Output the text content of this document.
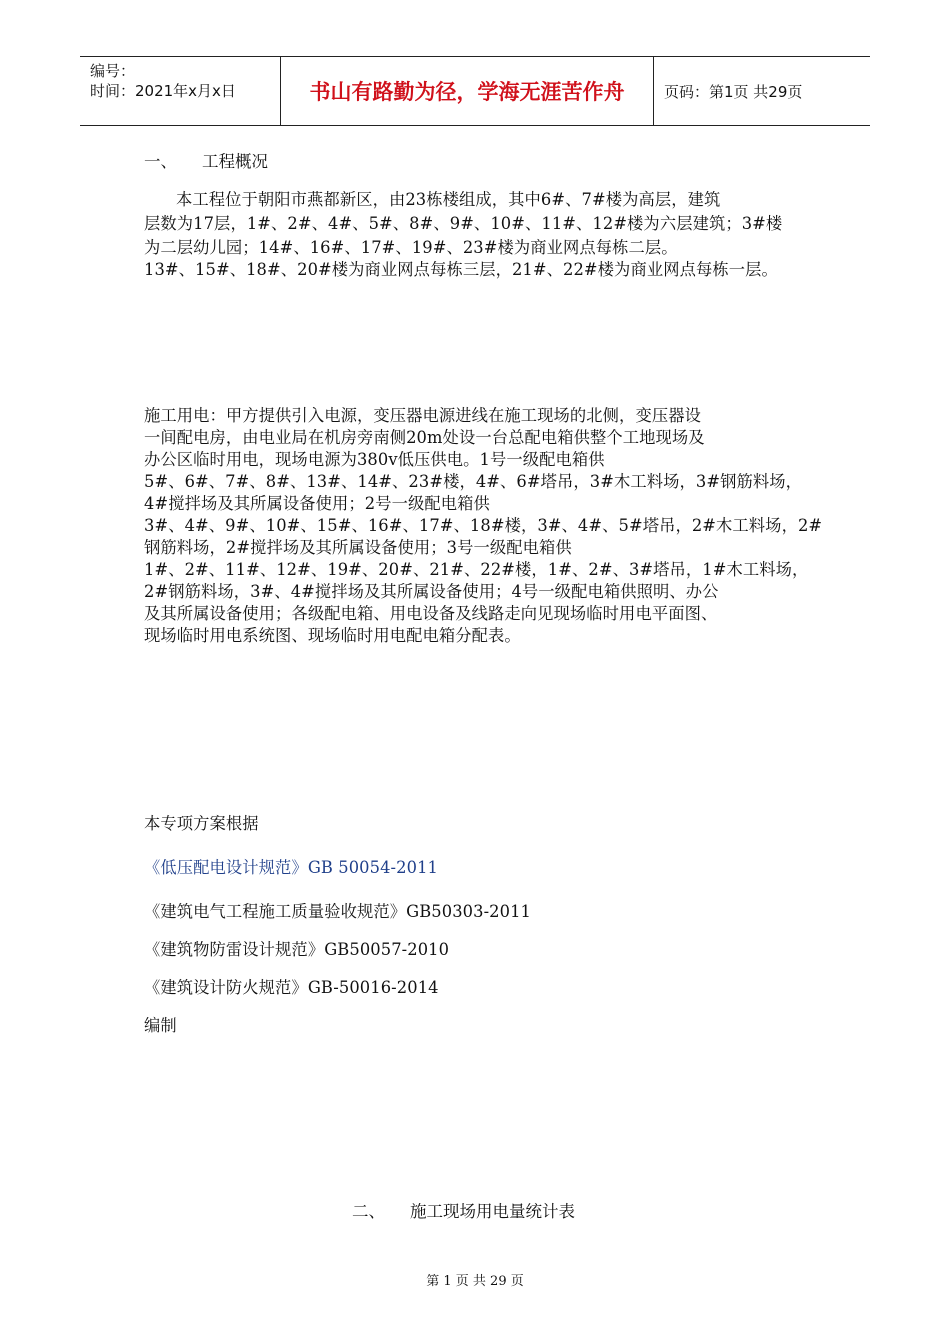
编号：
时间：2021年x月x日	书山有路勤为径，学海无涯苦作舟	页码：第1页 共29页
一、 工程概况
本工程位于朝阳市燕都新区，由23栋楼组成，其中6#、7#楼为高层，建筑
层数为17层，1#、2#、4#、5#、8#、9#、10#、11#、12#楼为六层建筑；3#楼
为二层幼儿园；14#、16#、17#、19#、23#楼为商业网点每栋二层。
13#、15#、18#、20#楼为商业网点每栋三层，21#、22#楼为商业网点每栋一层。
施工用电：甲方提供引入电源，变压器电源进线在施工现场的北侧，变压器设
一间配电房，由电业局在机房旁南侧20m处设一台总配电箱供整个工地现场及
办公区临时用电，现场电源为380v低压供电。1号一级配电箱供
5#、6#、7#、8#、13#、14#、23#楼，4#、6#塔吊，3#木工料场，3#钢筋料场，
4#搅拌场及其所属设备使用；2号一级配电箱供
3#、4#、9#、10#、15#、16#、17#、18#楼，3#、4#、5#塔吊，2#木工料场，2#
钢筋料场，2#搅拌场及其所属设备使用；3号一级配电箱供
1#、2#、11#、12#、19#、20#、21#、22#楼，1#、2#、3#塔吊，1#木工料场，
2#钢筋料场，3#、4#搅拌场及其所属设备使用；4号一级配电箱供照明、办公
及其所属设备使用；各级配电箱、用电设备及线路走向见现场临时用电平面图、
现场临时用电系统图、现场临时用电配电箱分配表。
本专项方案根据
《低压配电设计规范》GB 50054-2011
《建筑电气工程施工质量验收规范》GB50303-2011
《建筑物防雷设计规范》GB50057-2010
《建筑设计防火规范》GB-50016-2014
编制
二、 施工现场用电量统计表
第 1 页 共 29 页
